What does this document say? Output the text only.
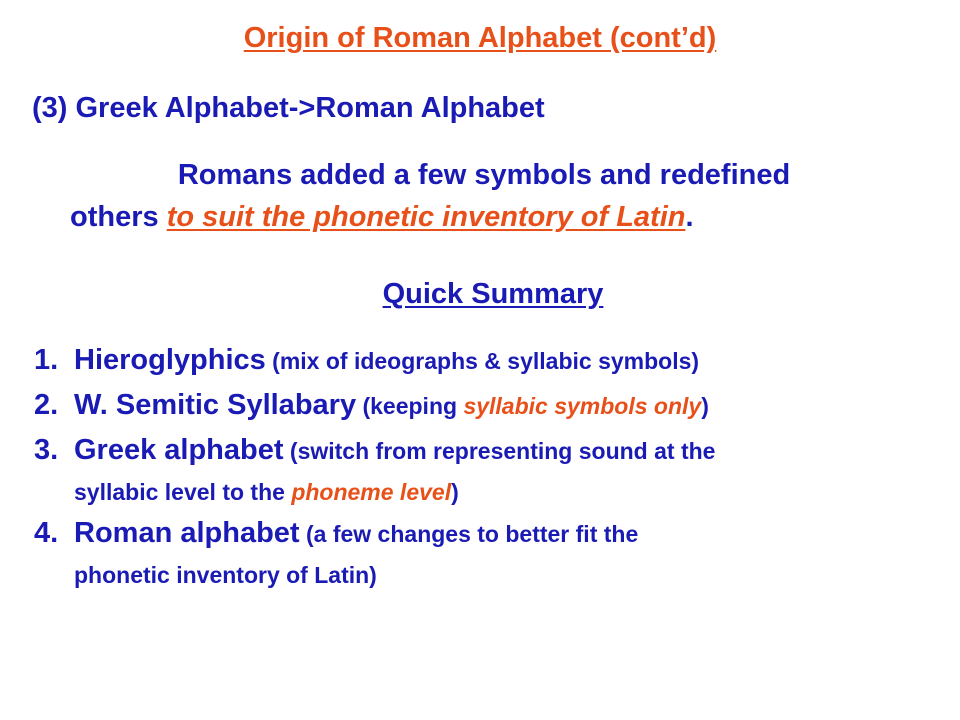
Origin of Roman Alphabet (cont’d)
(3) Greek Alphabet->Roman Alphabet
Romans added a few symbols and redefined
others to suit the phonetic inventory of Latin.
Quick Summary
1. Hieroglyphics (mix of ideographs & syllabic symbols)
2. W. Semitic Syllabary (keeping syllabic symbols only)
3. Greek alphabet (switch from representing sound at the
syllabic level to the phoneme level)
4. Roman alphabet (a few changes to better fit the
phonetic inventory of Latin)
